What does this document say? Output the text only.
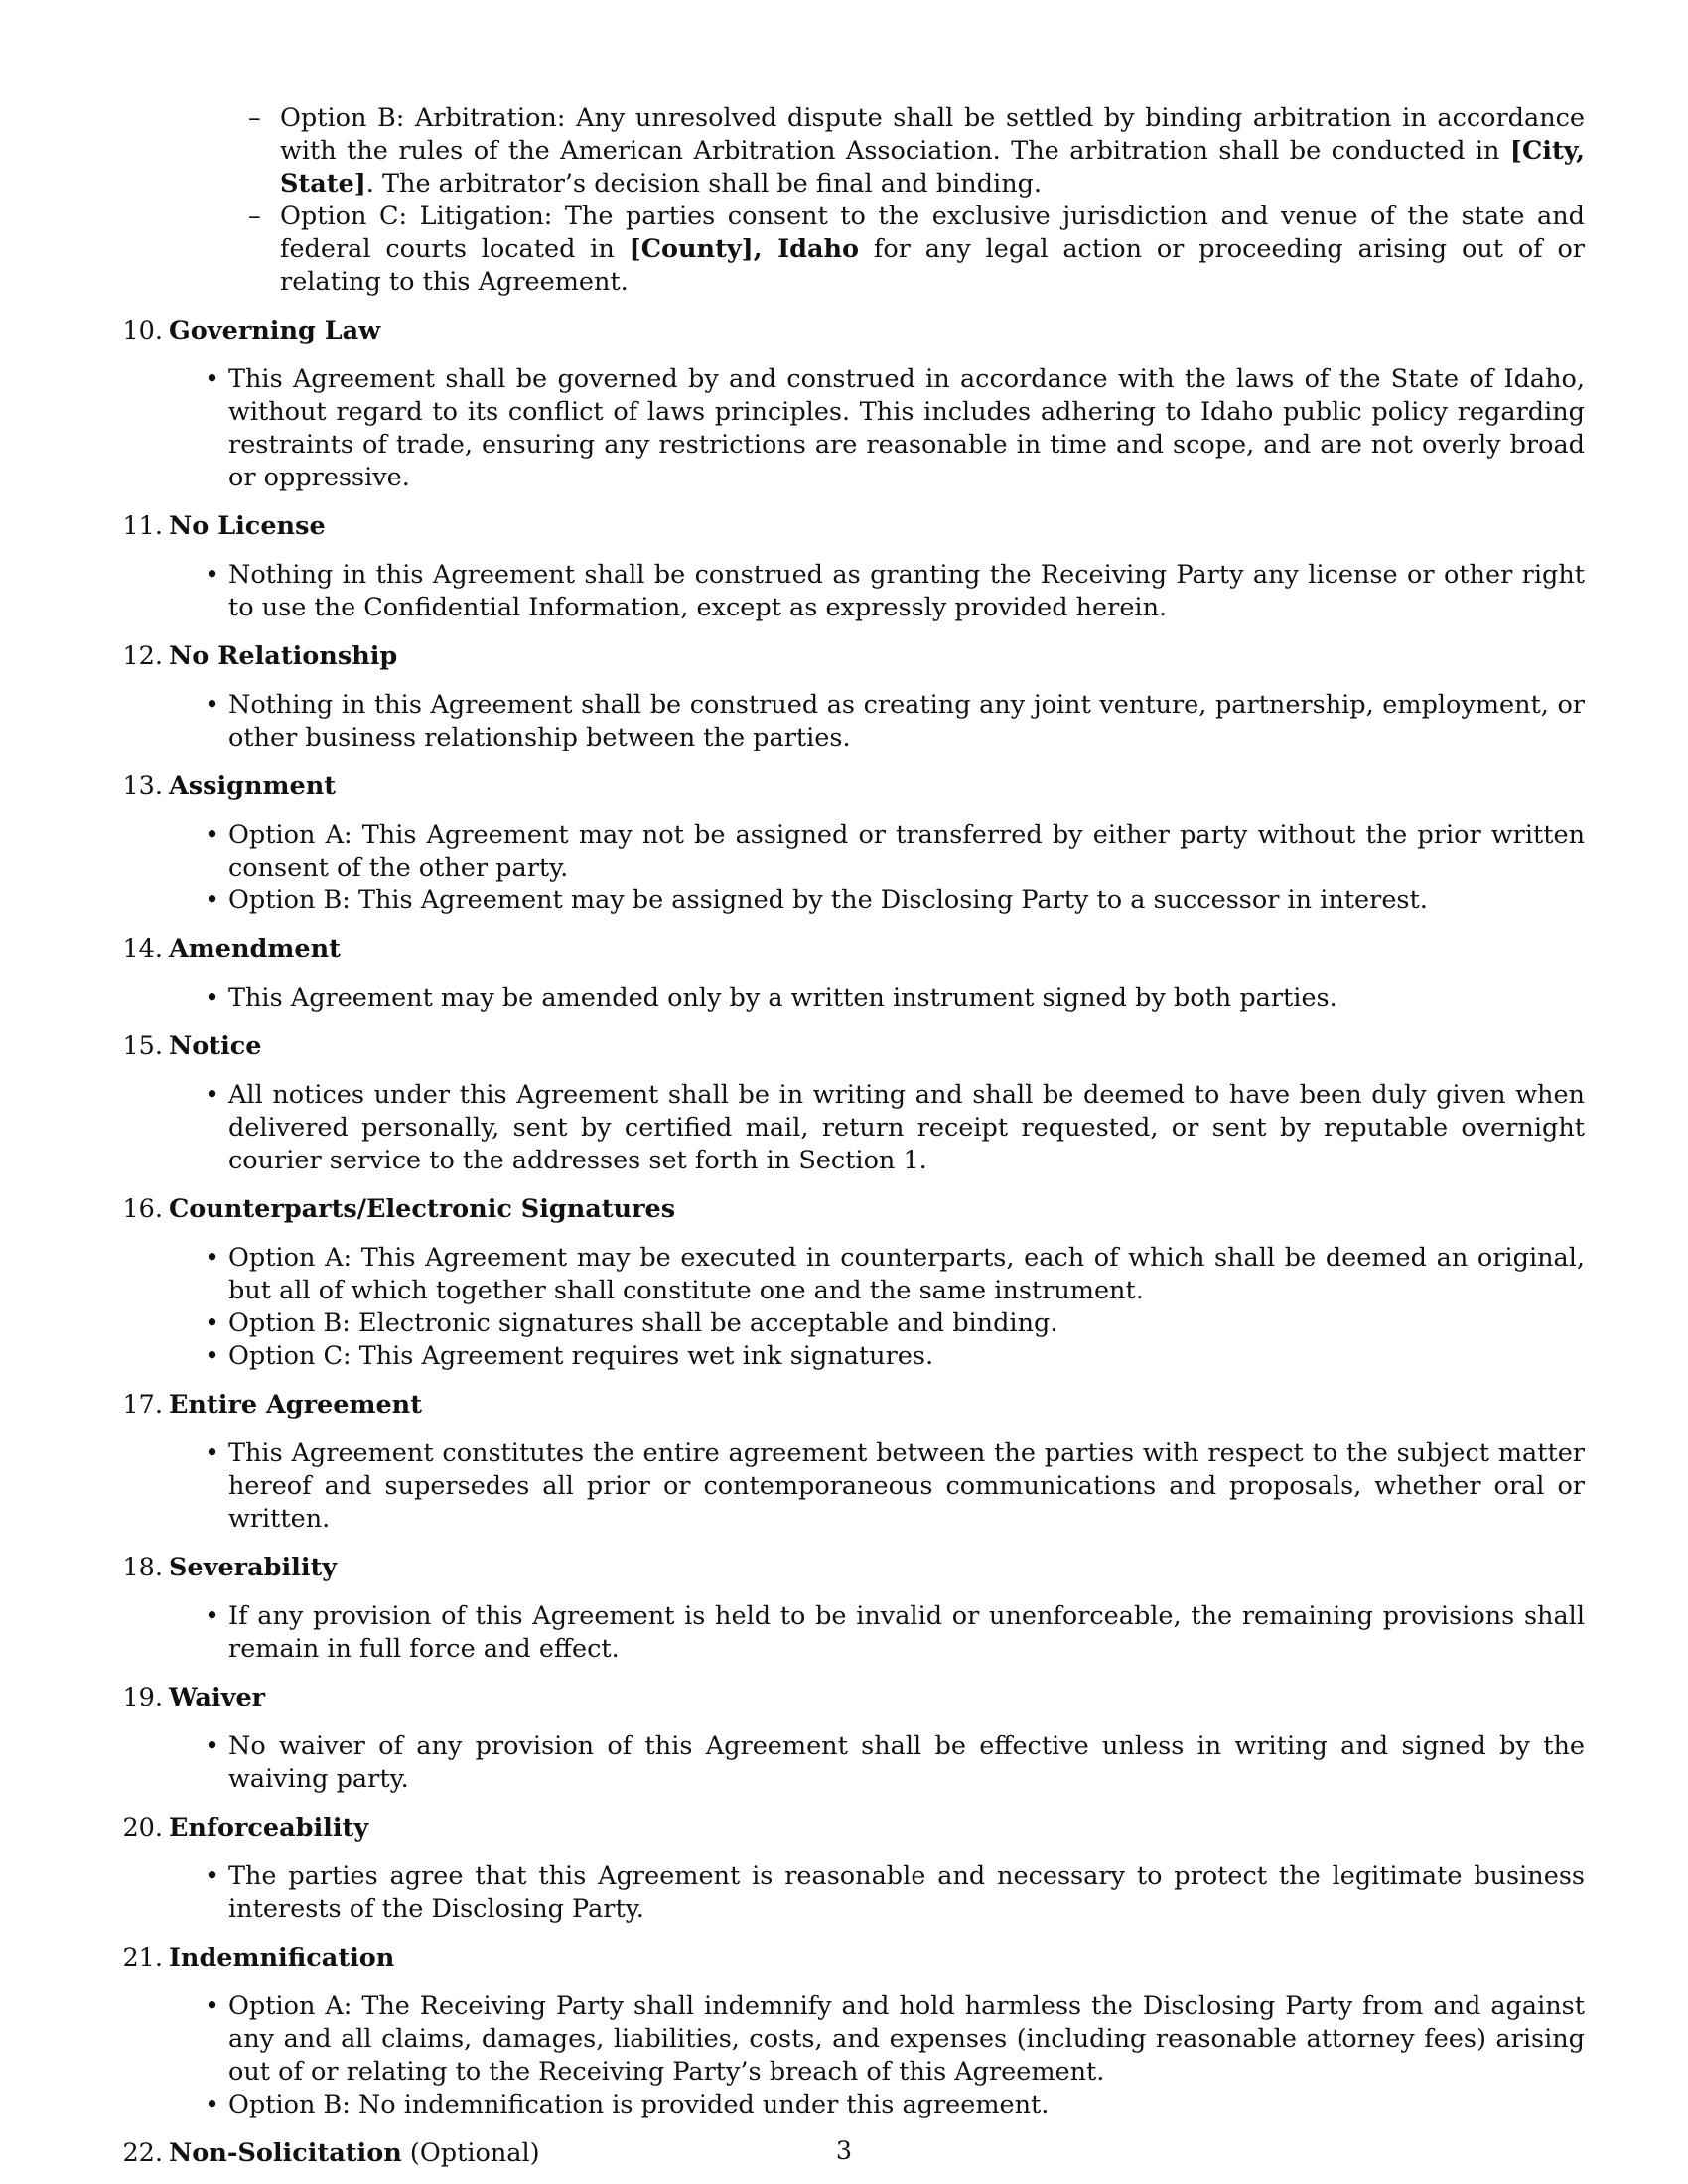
– Option B: Arbitration: Any unresolved dispute shall be settled by binding arbitration in accordance with the rules of the American Arbitration Association. The arbitration shall be conducted in [City, State]. The arbitrator’s decision shall be final and binding.

– Option C: Litigation: The parties consent to the exclusive jurisdiction and venue of the state and federal courts located in [County], Idaho for any legal action or proceeding arising out of or relating to this Agreement.

10. Governing Law

• This Agreement shall be governed by and construed in accordance with the laws of the State of Idaho, without regard to its conflict of laws principles. This includes adhering to Idaho public policy regarding restraints of trade, ensuring any restrictions are reasonable in time and scope, and are not overly broad or oppressive.

11. No License

• Nothing in this Agreement shall be construed as granting the Receiving Party any license or other right to use the Confidential Information, except as expressly provided herein.

12. No Relationship

• Nothing in this Agreement shall be construed as creating any joint venture, partnership, employment, or other business relationship between the parties.

13. Assignment

• Option A: This Agreement may not be assigned or transferred by either party without the prior written consent of the other party.

• Option B: This Agreement may be assigned by the Disclosing Party to a successor in interest.

14. Amendment

• This Agreement may be amended only by a written instrument signed by both parties.

15. Notice

• All notices under this Agreement shall be in writing and shall be deemed to have been duly given when delivered personally, sent by certified mail, return receipt requested, or sent by reputable overnight courier service to the addresses set forth in Section 1.

16. Counterparts/Electronic Signatures

• Option A: This Agreement may be executed in counterparts, each of which shall be deemed an original, but all of which together shall constitute one and the same instrument.

• Option B: Electronic signatures shall be acceptable and binding.

• Option C: This Agreement requires wet ink signatures.

17. Entire Agreement

• This Agreement constitutes the entire agreement between the parties with respect to the subject matter hereof and supersedes all prior or contemporaneous communications and proposals, whether oral or written.

18. Severability

• If any provision of this Agreement is held to be invalid or unenforceable, the remaining provisions shall remain in full force and effect.

19. Waiver

• No waiver of any provision of this Agreement shall be effective unless in writing and signed by the waiving party.

20. Enforceability

• The parties agree that this Agreement is reasonable and necessary to protect the legitimate business interests of the Disclosing Party.

21. Indemnification

• Option A: The Receiving Party shall indemnify and hold harmless the Disclosing Party from and against any and all claims, damages, liabilities, costs, and expenses (including reasonable attorney fees) arising out of or relating to the Receiving Party’s breach of this Agreement.

• Option B: No indemnification is provided under this agreement.

22. Non-Solicitation (Optional)	3
